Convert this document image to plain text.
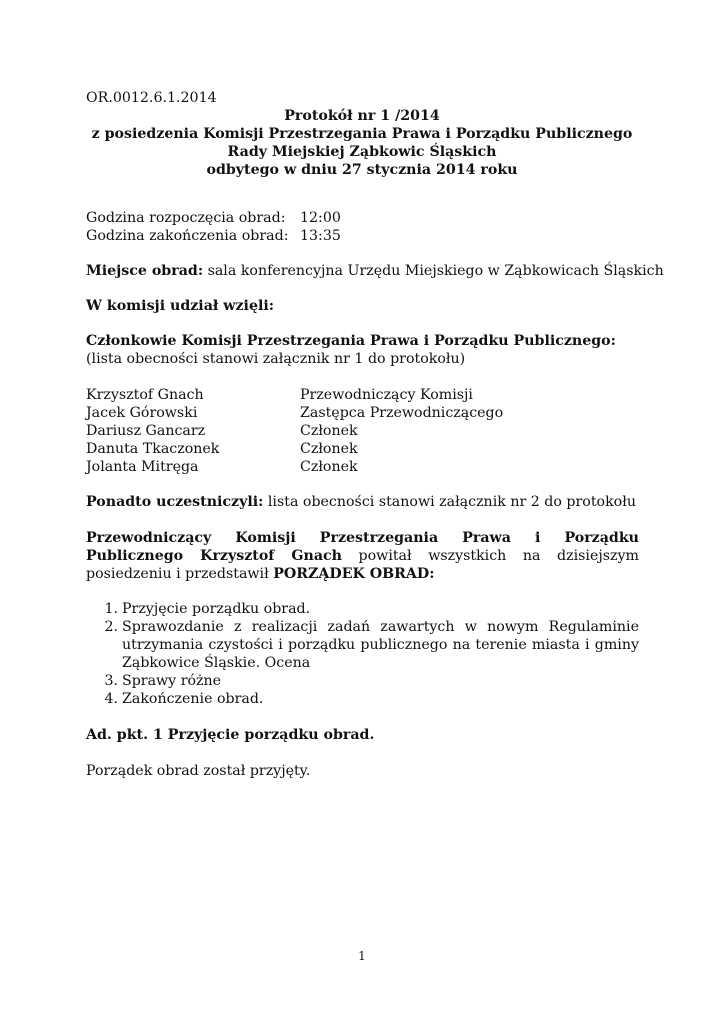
OR.0012.6.1.2014
Protokół nr 1 /2014
z posiedzenia Komisji Przestrzegania Prawa i Porządku Publicznego
Rady Miejskiej Ząbkowic Śląskich
odbytego w dniu 27 stycznia 2014 roku
Godzina rozpoczęcia obrad: 12:00
Godzina zakończenia obrad: 13:35
Miejsce obrad: sala konferencyjna Urzędu Miejskiego w Ząbkowicach Śląskich
W komisji udział wzięli:
Członkowie Komisji Przestrzegania Prawa i Porządku Publicznego:
(lista obecności stanowi załącznik nr 1 do protokołu)
Krzysztof Gnach	Przewodniczący Komisji
Jacek Górowski	Zastępca Przewodniczącego
Dariusz Gancarz	Członek
Danuta Tkaczonek	Członek
Jolanta Mitręga	Członek
Ponadto uczestniczyli: lista obecności stanowi załącznik nr 2 do protokołu
Przewodniczący Komisji Przestrzegania Prawa i Porządku Publicznego Krzysztof Gnach powitał wszystkich na dzisiejszym posiedzeniu i przedstawił PORZĄDEK OBRAD:
1. Przyjęcie porządku obrad.
2. Sprawozdanie z realizacji zadań zawartych w nowym Regulaminie utrzymania czystości i porządku publicznego na terenie miasta i gminy Ząbkowice Śląskie. Ocena
3. Sprawy różne
4. Zakończenie obrad.
Ad. pkt. 1 Przyjęcie porządku obrad.
Porządek obrad został przyjęty.
1
